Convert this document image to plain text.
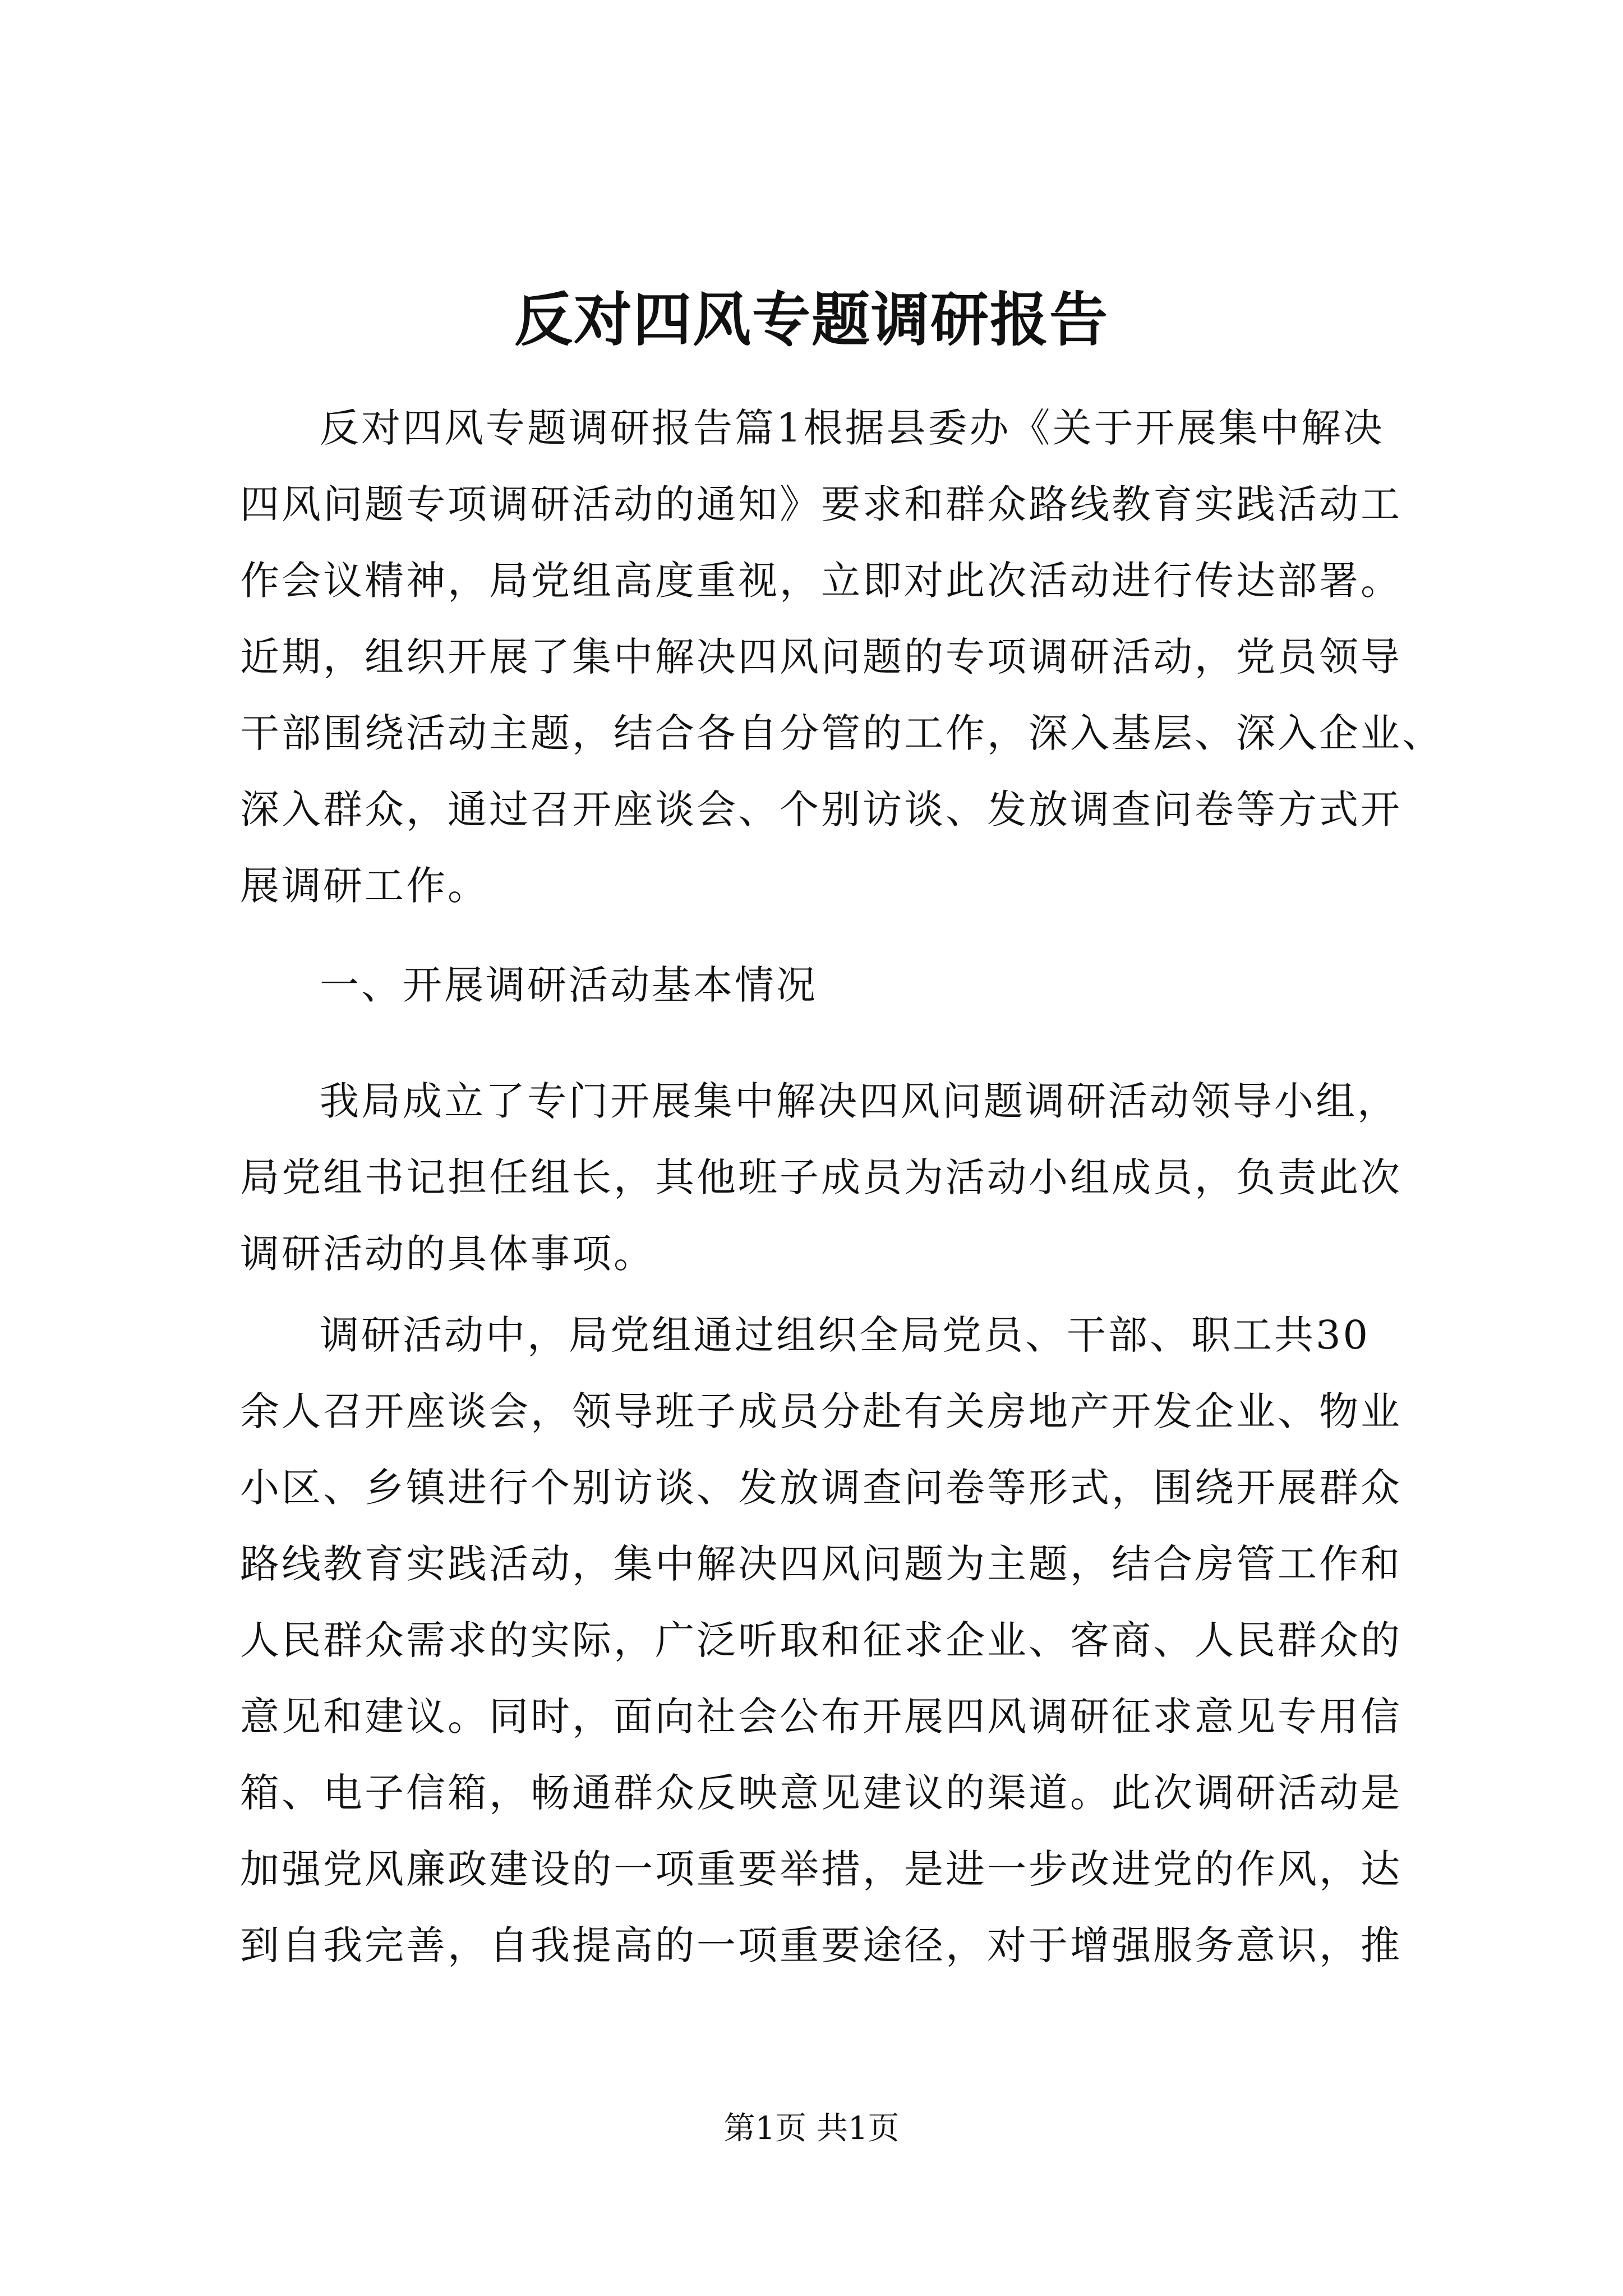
反对四风专题调研报告
反对四风专题调研报告篇1根据县委办《关于开展集中解决
四风问题专项调研活动的通知》要求和群众路线教育实践活动工
作会议精神，局党组高度重视，立即对此次活动进行传达部署。
近期，组织开展了集中解决四风问题的专项调研活动，党员领导
干部围绕活动主题，结合各自分管的工作，深入基层、深入企业、
深入群众，通过召开座谈会、个别访谈、发放调查问卷等方式开
展调研工作。
一、开展调研活动基本情况
我局成立了专门开展集中解决四风问题调研活动领导小组，
局党组书记担任组长，其他班子成员为活动小组成员，负责此次
调研活动的具体事项。
调研活动中，局党组通过组织全局党员、干部、职工共30
余人召开座谈会，领导班子成员分赴有关房地产开发企业、物业
小区、乡镇进行个别访谈、发放调查问卷等形式，围绕开展群众
路线教育实践活动，集中解决四风问题为主题，结合房管工作和
人民群众需求的实际，广泛听取和征求企业、客商、人民群众的
意见和建议。同时，面向社会公布开展四风调研征求意见专用信
箱、电子信箱，畅通群众反映意见建议的渠道。此次调研活动是
加强党风廉政建设的一项重要举措，是进一步改进党的作风，达
到自我完善，自我提高的一项重要途径，对于增强服务意识，推
第1页 共1页
